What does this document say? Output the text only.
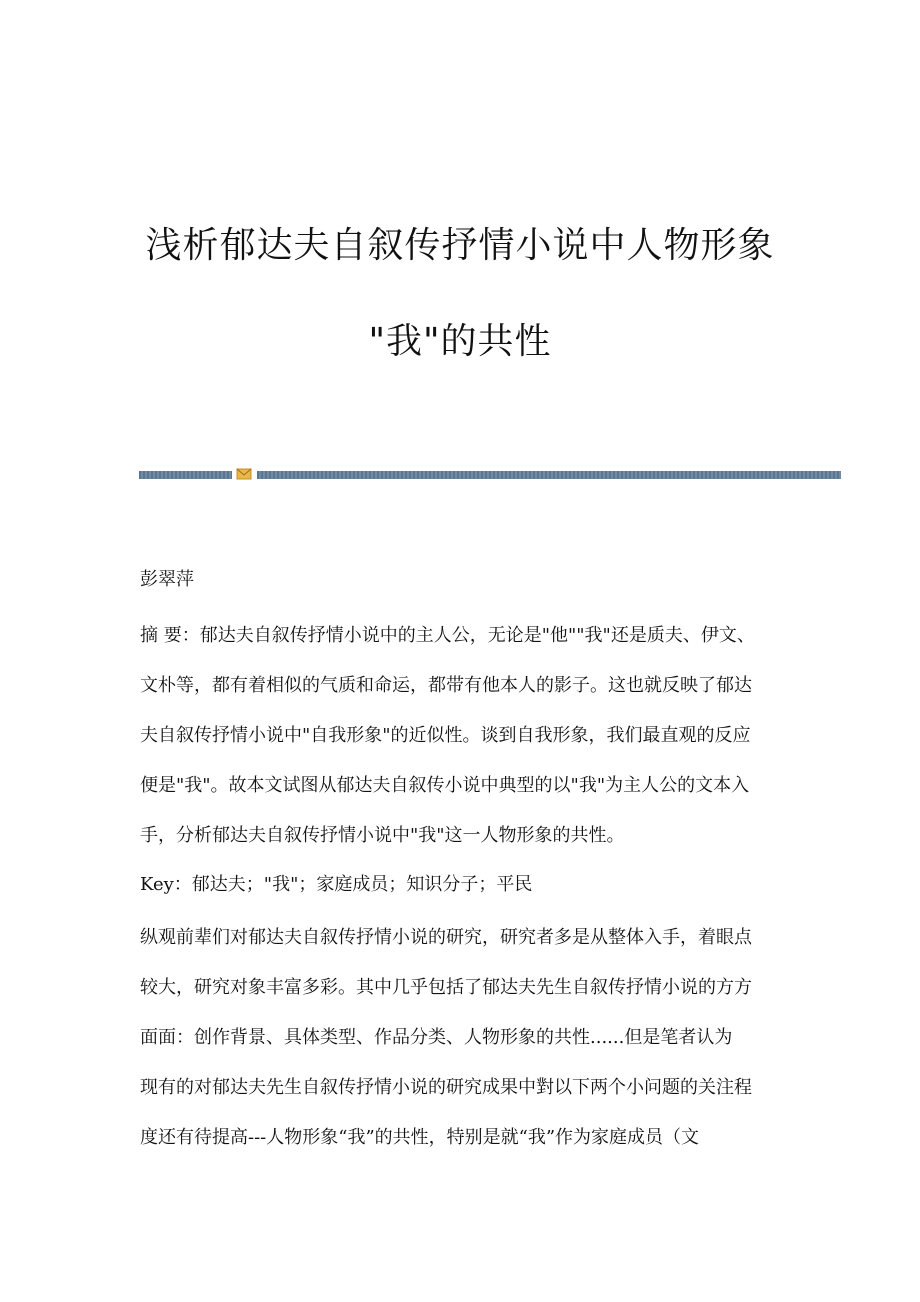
浅析郁达夫自叙传抒情小说中人物形象
"我"的共性

彭翠萍

摘 要：郁达夫自叙传抒情小说中的主人公，无论是"他""我"还是质夫、伊文、
文朴等，都有着相似的气质和命运，都带有他本人的影子。这也就反映了郁达
夫自叙传抒情小说中"自我形象"的近似性。谈到自我形象，我们最直观的反应
便是"我"。故本文试图从郁达夫自叙传小说中典型的以"我"为主人公的文本入
手，分析郁达夫自叙传抒情小说中"我"这一人物形象的共性。

Key：郁达夫；"我"；家庭成员；知识分子；平民

纵观前辈们对郁达夫自叙传抒情小说的研究，研究者多是从整体入手，着眼点
较大，研究对象丰富多彩。其中几乎包括了郁达夫先生自叙传抒情小说的方方
面面：创作背景、具体类型、作品分类、人物形象的共性......但是笔者认为
现有的对郁达夫先生自叙传抒情小说的研究成果中對以下两个小问题的关注程
度还有待提高---人物形象“我”的共性，特别是就“我”作为家庭成员（文
